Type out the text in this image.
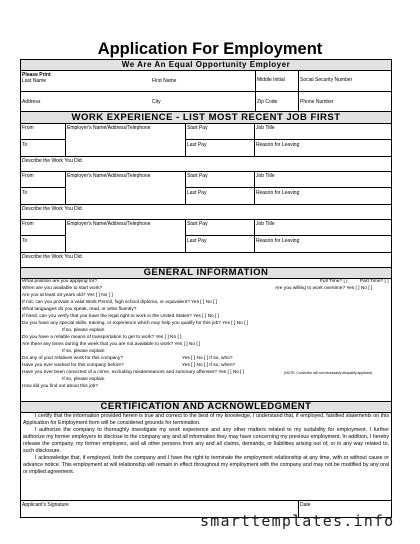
Application For Employment
We Are An Equal Opportunity Employer
Please Print
Last Name	First Name	Middle Initial	Social Security Number
Address	City	Zip Code	Phone Number
WORK EXPERIENCE - LIST MOST RECENT JOB FIRST
From
To
Employer's Name/Address/Telephone	Start Pay
Last Pay
Job Title
Reason for Leaving
Describe the Work You Did
From
To
Employer's Name/Address/Telephone	Start Pay
Last Pay
Job Title
Reason for Leaving
Describe the Work You Did
From
To
Employer's Name/Address/Telephone	Start Pay
Last Pay
Job Title
Reason for Leaving
Describe the Work You Did
GENERAL INFORMATION
What position are you applying for?	Full Time? [ ]	Part Time? [ ]
When are you available to start work?	Are you willing to work overtime? Yes [ ] No [ ]
Are you at least 18 years old? Yes [ ] No [ ]
If not, can you provide a valid Work Permit, high school diploma, or equivalent? Yes [ ] No [ ]
What languages do you speak, read, or write fluently?
If hired, can you verify that you have the legal right to work in the United States? Yes [ ] No [ ]
Do you have any special skills, training, or experience which may help you qualify for this job? Yes [ ] No [ ]
If so, please explain
Do you have a reliable means of transportation to get to work? Yes [ ] No [ ]
Are there any times during the week that you are not available to work? Yes [ ] No [ ]
If so, please explain
Do any of your relatives work for this company?	Yes [ ] No [ ] If so, who?
Have you ever worked for this company before?	Yes [ ] No [ ] If so, when?
Have you ever been convicted of a crime, excluding misdemeanors and summary offenses? Yes [ ] No [ ]	(NOTE: Conviction will not necessarily disqualify applicant)
If so, please explain
How did you find out about this job?
CERTIFICATION AND ACKNOWLEDGMENT
I certify that the information provided herein is true and correct to the best of my knowledge, I understand that, if employed, falsified statements on this Application for Employment form will be considered grounds for termination.
I authorize the company to thoroughly investigate my work experience and any other matters related to my suitability for employment. I further authorize my former employers to disclose to the company any and all information they may have concerning my previous employment. In addition, I hereby release the company, my former employers, and all other persons from any and all claims, demands, or liabilities arising out of, or in any way related to, such disclosure.
I acknowledge that, if employed, both the company and I have the right to terminate the employment relationship at any time, with or without cause or advance notice. This employment at will relationship will remain in effect throughout my employment with the company and may not be modified by any oral or implied agreement.
Applicant's Signature	Date
smarttemplates.info
